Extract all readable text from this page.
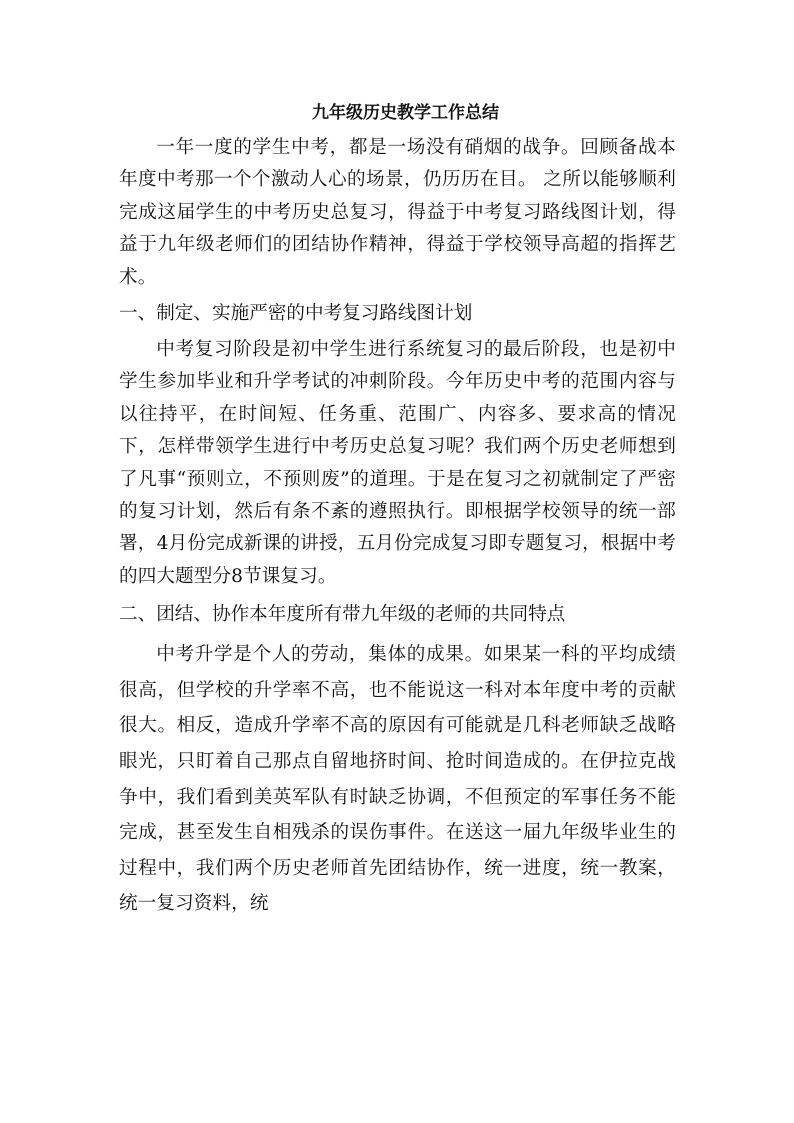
九年级历史教学工作总结

一年一度的学生中考，都是一场没有硝烟的战争。回顾备战本年度中考那一个个激动人心的场景，仍历历在目。 之所以能够顺利完成这届学生的中考历史总复习，得益于中考复习路线图计划，得益于九年级老师们的团结协作精神，得益于学校领导高超的指挥艺术。

一、制定、实施严密的中考复习路线图计划

中考复习阶段是初中学生进行系统复习的最后阶段，也是初中学生参加毕业和升学考试的冲刺阶段。今年历史中考的范围内容与以往持平，在时间短、任务重、范围广、内容多、要求高的情况下，怎样带领学生进行中考历史总复习呢？我们两个历史老师想到了凡事“预则立，不预则废”的道理。于是在复习之初就制定了严密的复习计划，然后有条不紊的遵照执行。即根据学校领导的统一部署，4月份完成新课的讲授，五月份完成复习即专题复习，根据中考的四大题型分8节课复习。

二、团结、协作本年度所有带九年级的老师的共同特点

中考升学是个人的劳动，集体的成果。如果某一科的平均成绩很高，但学校的升学率不高，也不能说这一科对本年度中考的贡献很大。相反，造成升学率不高的原因有可能就是几科老师缺乏战略眼光，只盯着自己那点自留地挤时间、抢时间造成的。在伊拉克战争中，我们看到美英军队有时缺乏协调，不但预定的军事任务不能完成，甚至发生自相残杀的误伤事件。在送这一届九年级毕业生的过程中，我们两个历史老师首先团结协作，统一进度，统一教案，统一复习资料，统
